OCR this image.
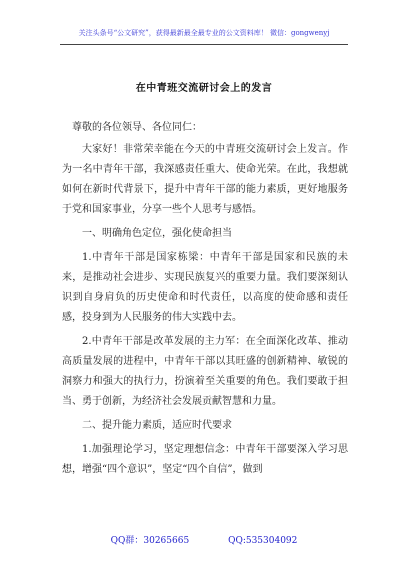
关注头条号“公文研究”，获得最新最全最专业的公文资料库！ 微信：gongwenyj
在中青班交流研讨会上的发言

尊敬的各位领导、各位同仁：

大家好！非常荣幸能在今天的中青班交流研讨会上发言。作为一名中青年干部，我深感责任重大、使命光荣。在此，我想就如何在新时代背景下，提升中青年干部的能力素质，更好地服务于党和国家事业，分享一些个人思考与感悟。

一、明确角色定位，强化使命担当

1.中青年干部是国家栋梁：中青年干部是国家和民族的未来，是推动社会进步、实现民族复兴的重要力量。我们要深刻认识到自身肩负的历史使命和时代责任，以高度的使命感和责任感，投身到为人民服务的伟大实践中去。

2.中青年干部是改革发展的主力军：在全面深化改革、推动高质量发展的进程中，中青年干部以其旺盛的创新精神、敏锐的洞察力和强大的执行力，扮演着至关重要的角色。我们要敢于担当、勇于创新，为经济社会发展贡献智慧和力量。

二、提升能力素质，适应时代要求

1.加强理论学习，坚定理想信念：中青年干部要深入学习思想，增强“四个意识”，坚定“四个自信”，做到

QQ群：30265665	QQ:535304092
